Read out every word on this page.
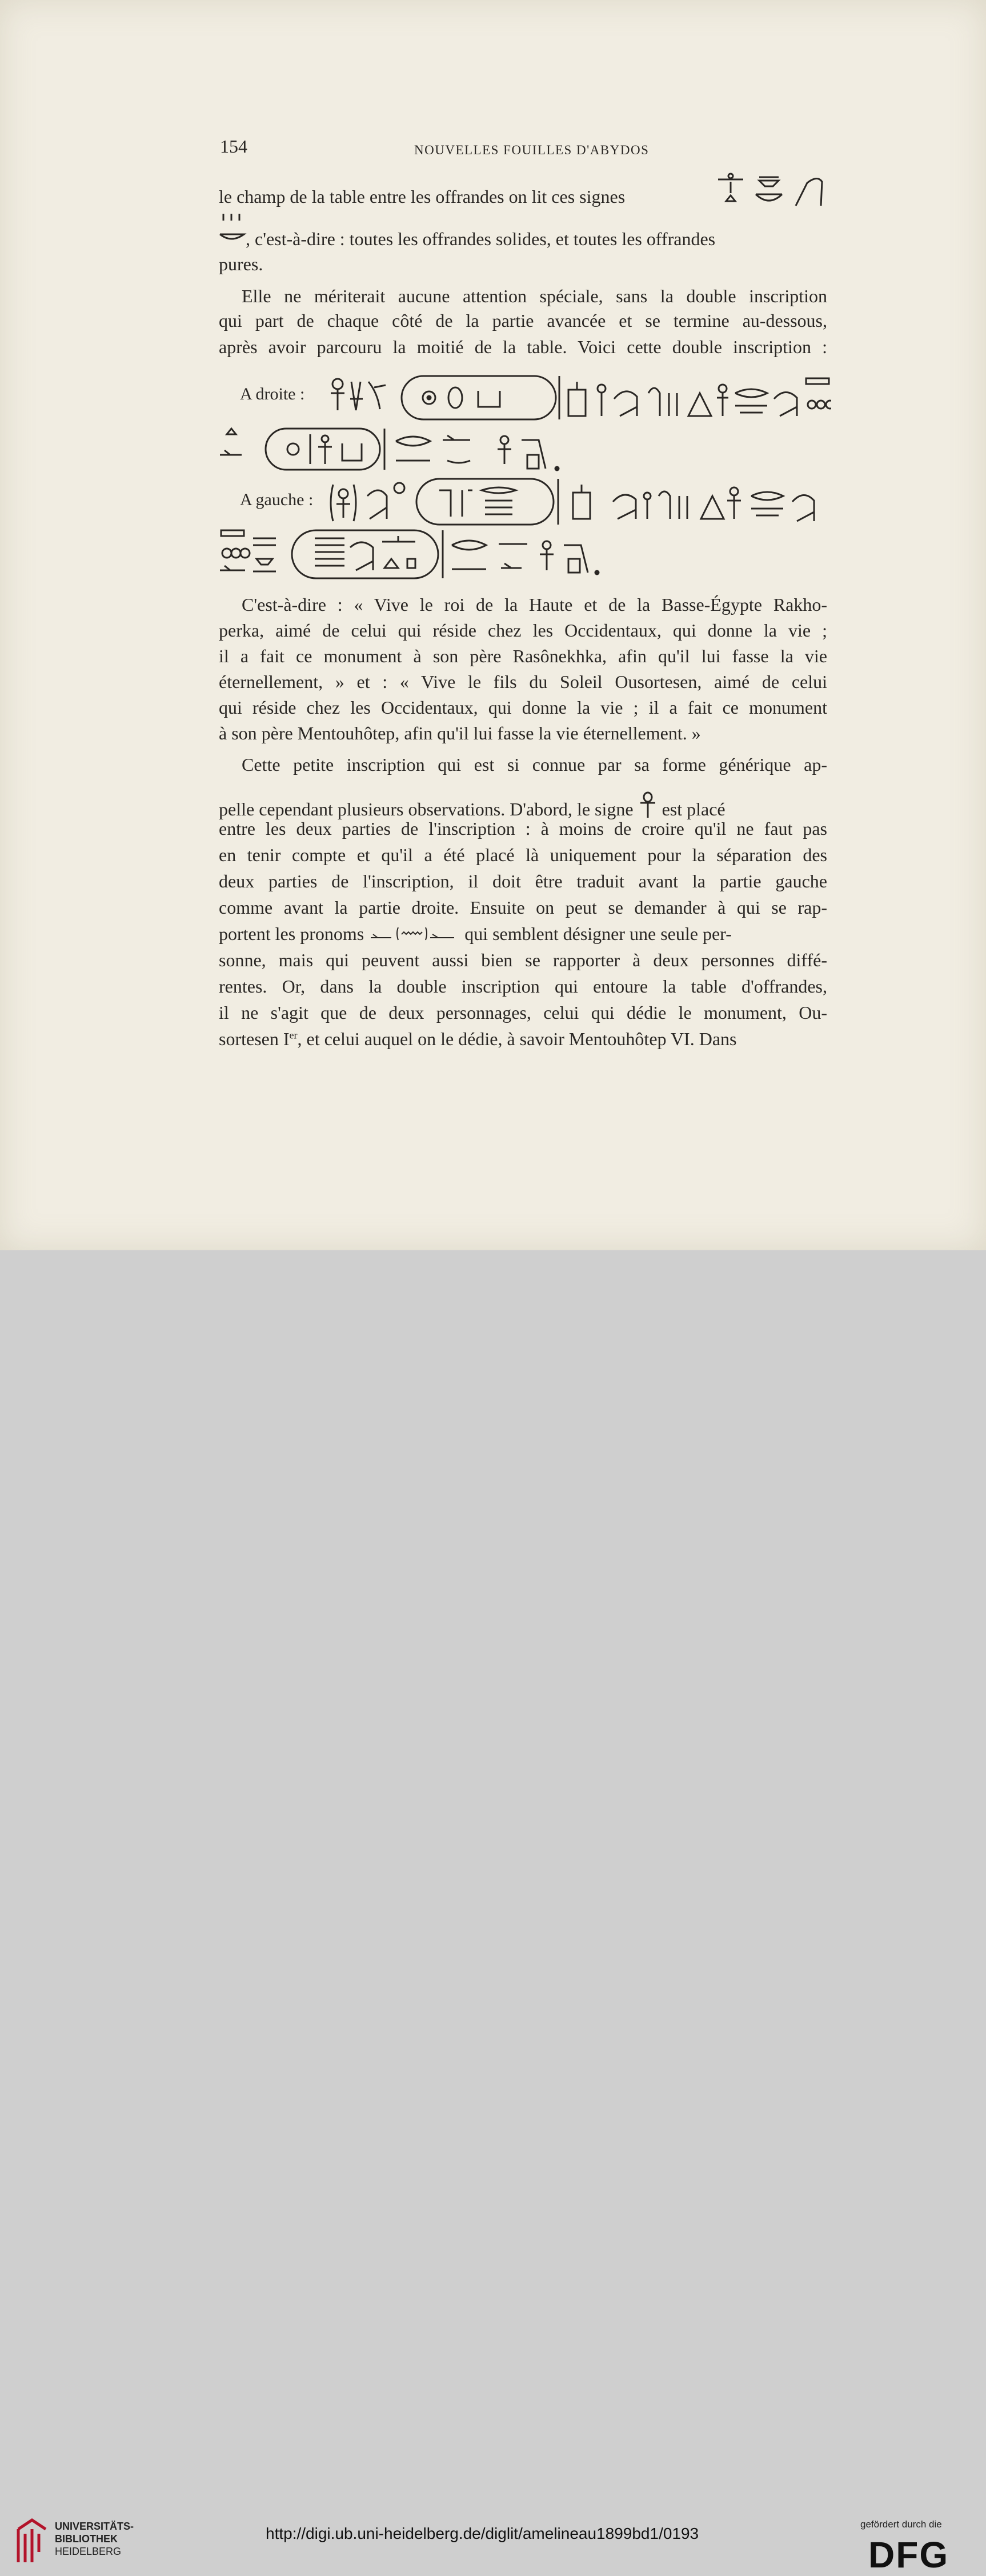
154	NOUVELLES FOUILLES D'ABYDOS
le champ de la table entre les offrandes on lit ces signes
, c'est-à-dire : toutes les offrandes solides, et toutes les offrandes
pures.
Elle ne mériterait aucune attention spéciale, sans la double inscription
qui part de chaque côté de la partie avancée et se termine au-dessous,
après avoir parcouru la moitié de la table. Voici cette double inscription :
A droite :
A gauche :
C'est-à-dire : « Vive le roi de la Haute et de la Basse-Égypte Rakho-
perka, aimé de celui qui réside chez les Occidentaux, qui donne la vie ;
il a fait ce monument à son père Rasônekhka, afin qu'il lui fasse la vie
éternellement, » et : « Vive le fils du Soleil Ousortesen, aimé de celui
qui réside chez les Occidentaux, qui donne la vie ; il a fait ce monument
à son père Mentouhôtep, afin qu'il lui fasse la vie éternellement. »
Cette petite inscription qui est si connue par sa forme générique ap-
pelle cependant plusieurs observations. D'abord, le signe est placé
entre les deux parties de l'inscription : à moins de croire qu'il ne faut pas
en tenir compte et qu'il a été placé là uniquement pour la séparation des
deux parties de l'inscription, il doit être traduit avant la partie gauche
comme avant la partie droite. Ensuite on peut se demander à qui se rap-
portent les pronoms	qui semblent désigner une seule per-
sonne, mais qui peuvent aussi bien se rapporter à deux personnes diffé-
rentes. Or, dans la double inscription qui entoure la table d'offrandes,
il ne s'agit que de deux personnages, celui qui dédie le monument, Ou-
sortesen Ier, et celui auquel on le dédie, à savoir Mentouhôtep VI. Dans
UNIVERSITÄTS-
BIBLIOTHEK
HEIDELBERG
http://digi.ub.uni-heidelberg.de/diglit/amelineau1899bd1/0193
gefördert durch die
DFG
